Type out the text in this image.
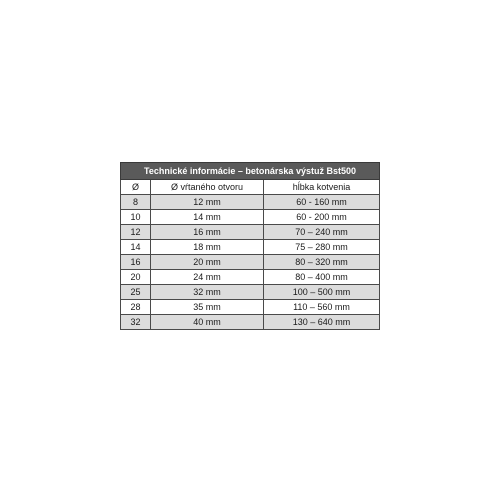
Technické informácie – betonárska výstuž Bst500		
Ø	Ø vŕtaného otvoru	hĺbka kotvenia
8	12 mm	60 - 160 mm
10	14 mm	60 - 200 mm
12	16 mm	70 – 240 mm
14	18 mm	75 – 280 mm
16	20 mm	80 – 320 mm
20	24 mm	80 – 400 mm
25	32 mm	100 – 500 mm
28	35 mm	110 – 560 mm
32	40 mm	130 – 640 mm
